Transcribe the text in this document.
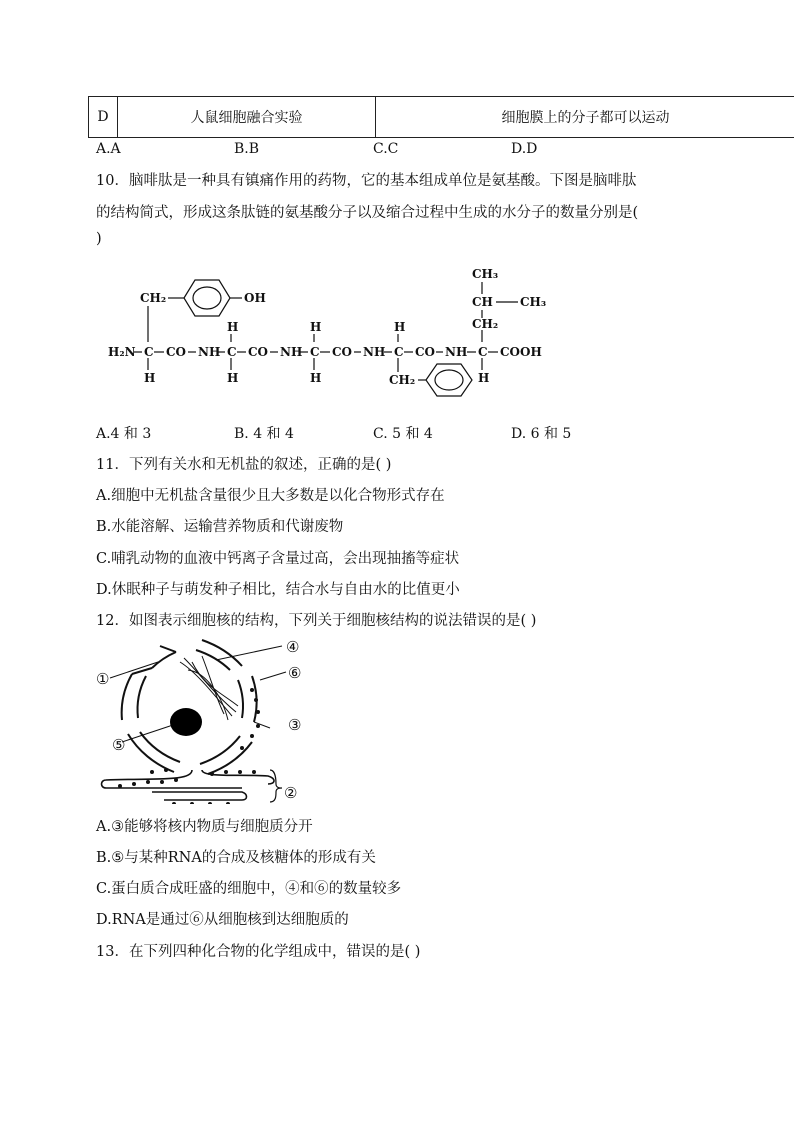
D	人鼠细胞融合实验	细胞膜上的分子都可以运动
A.A	B.B	C.C	D.D
10．脑啡肽是一种具有镇痛作用的药物，它的基本组成单位是氨基酸。下图是脑啡肽
的结构简式，形成这条肽链的氨基酸分子以及缩合过程中生成的水分子的数量分别是(
)
H₂N C CO NH C CO NH C CO NH C CO NH C COOH
H
H
H
H
H
H
H
CH₂	OH
CH₂
CH₂
CH CH₃
CH₃
A.4 和 3	B. 4 和 4	C. 5 和 4	D. 6 和 5
11．下列有关水和无机盐的叙述，正确的是( )
A.细胞中无机盐含量很少且大多数是以化合物形式存在
B.水能溶解、运输营养物质和代谢废物
C.哺乳动物的血液中钙离子含量过高，会出现抽搐等症状
D.休眠种子与萌发种子相比，结合水与自由水的比值更小
12．如图表示细胞核的结构，下列关于细胞核结构的说法错误的是( )
①
②
③
④
⑤
⑥
A.③能够将核内物质与细胞质分开
B.⑤与某种RNA的合成及核糖体的形成有关
C.蛋白质合成旺盛的细胞中，④和⑥的数量较多
D.RNA是通过⑥从细胞核到达细胞质的
13．在下列四种化合物的化学组成中，错误的是( )
